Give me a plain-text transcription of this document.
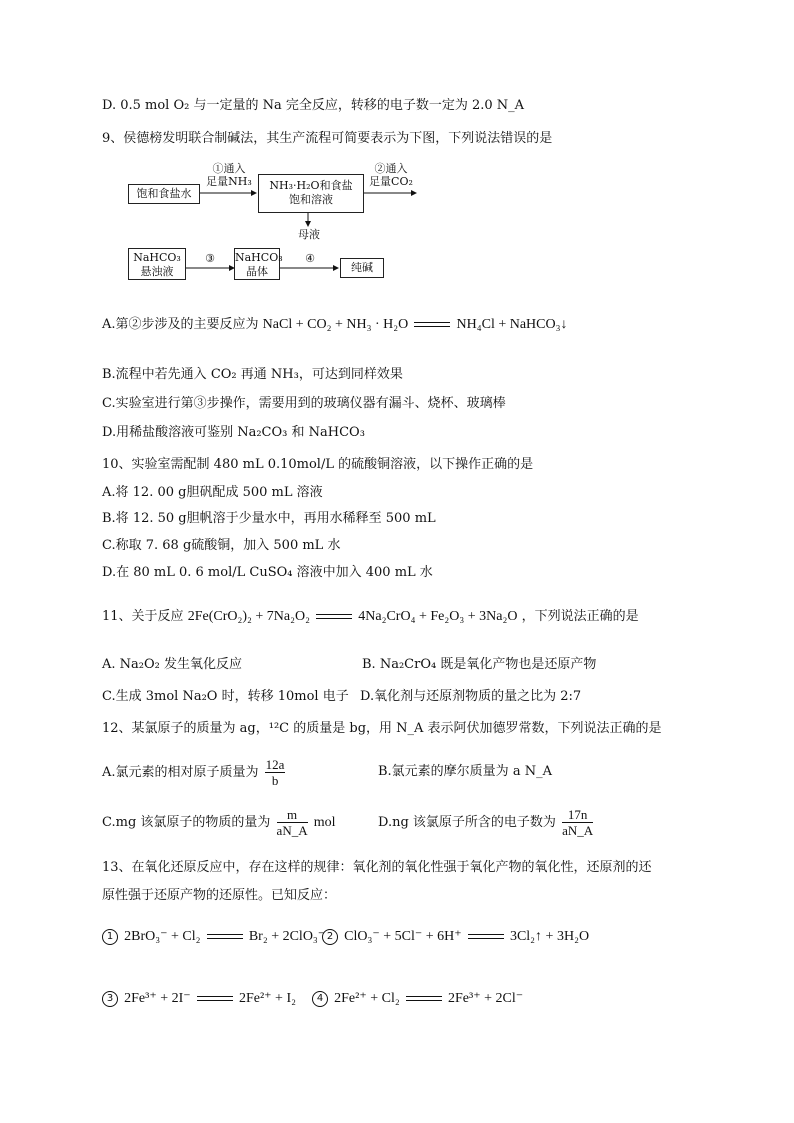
D. 0.5 mol O₂ 与一定量的 Na 完全反应，转移的电子数一定为 2.0 N_A
9、侯德榜发明联合制碱法，其生产流程可简要表示为下图，下列说法错误的是
饱和食盐水
①通入
足量NH₃	NH₃·H₂O和食盐
饱和溶液
②通入
足量CO₂
母液
NaHCO₃
悬浊液
③	NaHCO₃
晶体
④
纯碱
A.第②步涉及的主要反应为 NaCl + CO₂ + NH₃ · H₂O	NH₄Cl + NaHCO₃↓
B.流程中若先通入 CO₂ 再通 NH₃，可达到同样效果
C.实验室进行第③步操作，需要用到的玻璃仪器有漏斗、烧杯、玻璃棒
D.用稀盐酸溶液可鉴别 Na₂CO₃ 和 NaHCO₃
10、实验室需配制 480 mL 0.10mol/L 的硫酸铜溶液，以下操作正确的是
A.将 12. 00 g胆矾配成 500 mL 溶液
B.将 12. 50 g胆帆溶于少量水中，再用水稀释至 500 mL
C.称取 7. 68 g硫酸铜，加入 500 mL 水
D.在 80 mL 0. 6 mol/L CuSO₄ 溶液中加入 400 mL 水
11、关于反应 2Fe(CrO₂)₂ + 7Na₂O₂	4Na₂CrO₄ + Fe₂O₃ + 3Na₂O ，下列说法正确的是
A. Na₂O₂ 发生氧化反应	B. Na₂CrO₄ 既是氧化产物也是还原产物
C.生成 3mol Na₂O 时，转移 10mol 电子 D.氧化剂与还原剂物质的量之比为 2:7
12、某氯原子的质量为 ag，¹²C 的质量是 bg，用 N_A 表示阿伏加德罗常数，下列说法正确的是
A.氯元素的相对原子质量为 $\frac{12a}{b}$	B.氯元素的摩尔质量为 a N_A
C.mg 该氯原子的物质的量为 $\frac{m}{aN\_A}$ mol	D.ng 该氯原子所含的电子数为 $\frac{17n}{aN\_A}$
13、在氧化还原反应中，存在这样的规律：氧化剂的氧化性强于氧化产物的氧化性，还原剂的还
原性强于还原产物的还原性。已知反应：
1 2BrO₃⁻ + Cl₂	Br₂ + 2ClO₃⁻ 2 ClO₃⁻ + 5Cl⁻ + 6H⁺	3Cl₂↑ + 3H₂O
3 2Fe³⁺ + 2I⁻	2Fe²⁺ + I₂	4 2Fe²⁺ + Cl₂	2Fe³⁺ + 2Cl⁻
